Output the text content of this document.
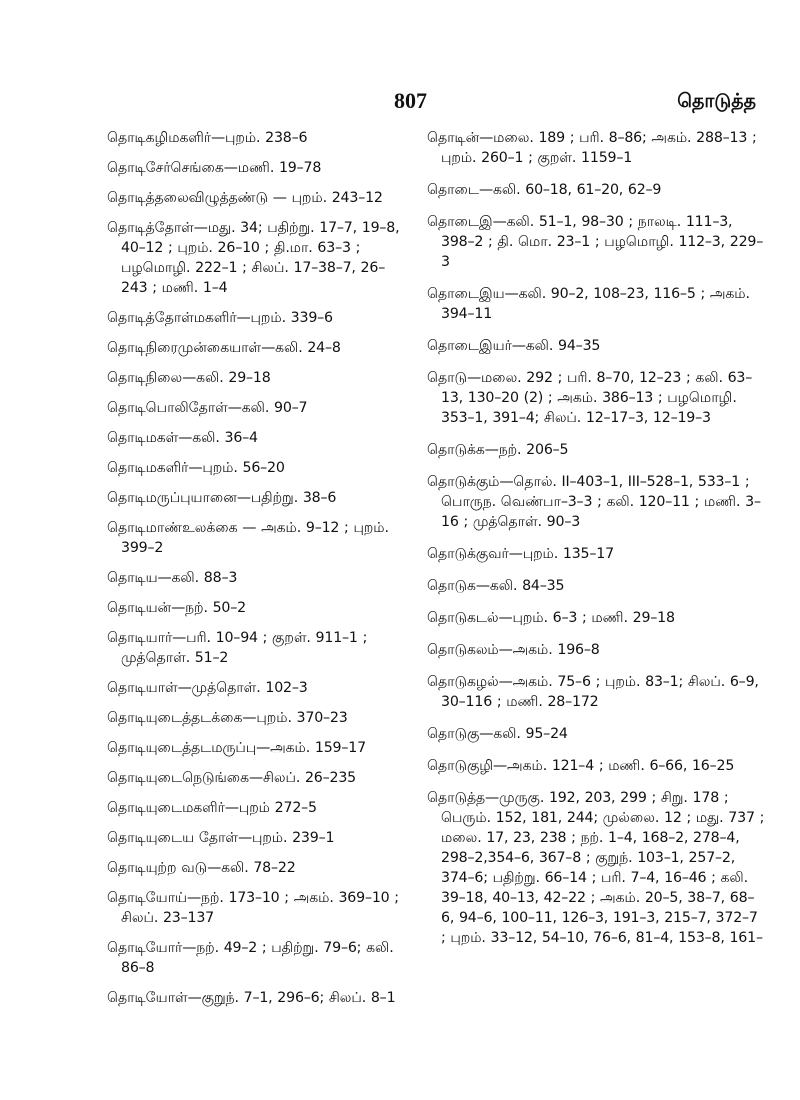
807	தொடுத்த

தொடிகழிமகளிர்—புறம். 238–6

தொடிசேர்செங்கை—மணி. 19–78

தொடித்தலைவிழுத்தண்டு — புறம். 243–12

தொடித்தோள்—மது. 34; பதிற்று. 17–7, 19–8, 40–12 ; புறம். 26–10 ; தி.மா. 63–3 ; பழமொழி. 222–1 ; சிலப். 17–38–7, 26–243 ; மணி. 1–4

தொடித்தோள்மகளிர்—புறம். 339–6

தொடிநிரைமுன்கையாள்—கலி. 24–8

தொடிநிலை—கலி. 29–18

தொடிபொலிதோள்—கலி. 90–7

தொடிமகள்—கலி. 36–4

தொடிமகளிர்—புறம். 56–20

தொடிமருப்புயானை—பதிற்று. 38–6

தொடிமாண்உலக்கை — அகம். 9–12 ; புறம். 399–2

தொடிய—கலி. 88–3

தொடியன்—நற். 50–2

தொடியார்—பரி. 10–94 ; குறள். 911–1 ; முத்தொள். 51–2

தொடியாள்—முத்தொள். 102–3

தொடியுடைத்தடக்கை—புறம். 370–23

தொடியுடைத்தடமருப்பு—அகம். 159–17

தொடியுடைநெடுங்கை—சிலப். 26–235

தொடியுடைமகளிர்—புறம் 272–5

தொடியுடைய தோள்—புறம். 239–1

தொடியுற்ற வடு—கலி. 78–22

தொடியோய்—நற். 173–10 ; அகம். 369–10 ; சிலப். 23–137

தொடியோர்—நற். 49–2 ; பதிற்று. 79–6; கலி. 86–8

தொடியோள்—குறுந். 7–1, 296–6; சிலப். 8–1

தொடின்—மலை. 189 ; பரி. 8–86; அகம். 288–13 ; புறம். 260–1 ; குறள். 1159–1

தொடை—கலி. 60–18, 61–20, 62–9

தொடைஇ—கலி. 51–1, 98–30 ; நாலடி. 111–3, 398–2 ; தி. மொ. 23–1 ; பழமொழி. 112–3, 229–3

தொடைஇய—கலி. 90–2, 108–23, 116–5 ; அகம். 394–11

தொடைஇயர்—கலி. 94–35

தொடு—மலை. 292 ; பரி. 8–70, 12–23 ; கலி. 63–13, 130–20 (2) ; அகம். 386–13 ; பழமொழி. 353–1, 391–4; சிலப். 12–17–3, 12–19–3

தொடுக்க—நற். 206–5

தொடுக்கும்—தொல். II–403–1, III–528–1, 533–1 ; பொருந. வெண்பா–3–3 ; கலி. 120–11 ; மணி. 3–16 ; முத்தொள். 90–3

தொடுக்குவர்—புறம். 135–17

தொடுக—கலி. 84–35

தொடுகடல்—புறம். 6–3 ; மணி. 29–18

தொடுகலம்—அகம். 196–8

தொடுகழல்—அகம். 75–6 ; புறம். 83–1; சிலப். 6–9, 30–116 ; மணி. 28–172

தொடுகு—கலி. 95–24

தொடுகுழி—அகம். 121–4 ; மணி. 6–66, 16–25

தொடுத்த—முருகு. 192, 203, 299 ; சிறு. 178 ; பெரும். 152, 181, 244; முல்லை. 12 ; மது. 737 ; மலை. 17, 23, 238 ; நற். 1–4, 168–2, 278–4, 298–2,354–6, 367–8 ; குறுந். 103–1, 257–2, 374–6; பதிற்று. 66–14 ; பரி. 7–4, 16–46 ; கலி. 39–18, 40–13, 42–22 ; அகம். 20–5, 38–7, 68–6, 94–6, 100–11, 126–3, 191–3, 215–7, 372–7 ; புறம். 33–12, 54–10, 76–6, 81–4, 153–8, 161–
